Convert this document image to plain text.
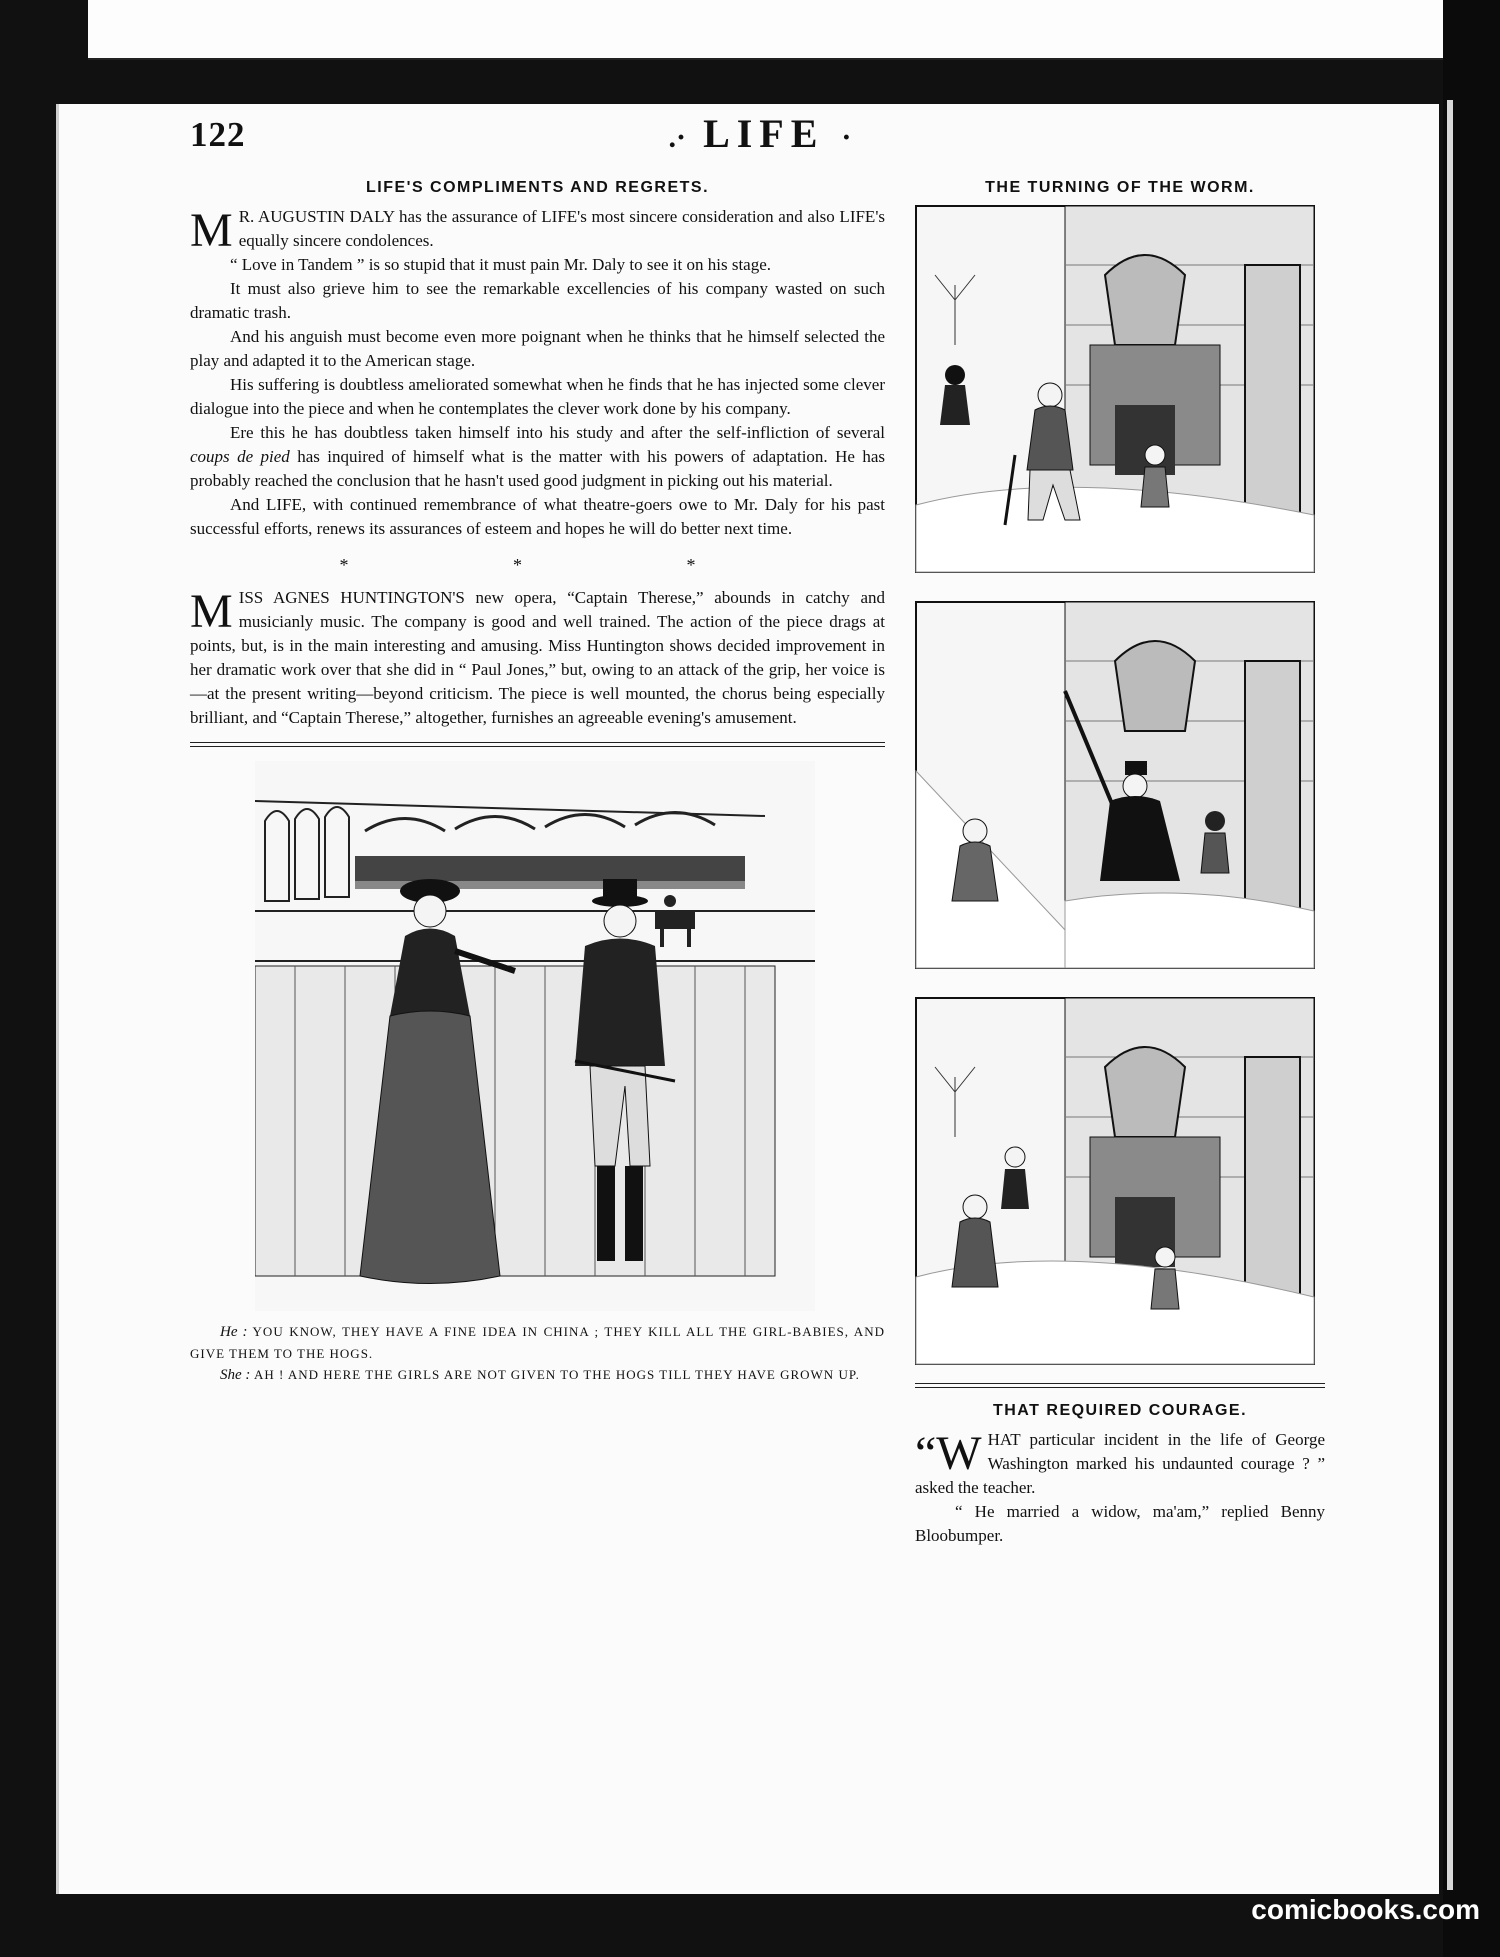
122	.· LIFE ·
LIFE'S COMPLIMENTS AND REGRETS.

M R. AUGUSTIN DALY has the assurance of LIFE's most sincere consideration and also LIFE's equally sincere condolences.

“ Love in Tandem ” is so stupid that it must pain Mr. Daly to see it on his stage.

It must also grieve him to see the remarkable excellencies of his company wasted on such dramatic trash.

And his anguish must become even more poignant when he thinks that he himself selected the play and adapted it to the American stage.

His suffering is doubtless ameliorated somewhat when he finds that he has injected some clever dialogue into the piece and when he contemplates the clever work done by his company.

Ere this he has doubtless taken himself into his study and after the self-infliction of several coups de pied has inquired of himself what is the matter with his powers of adaptation. He has probably reached the conclusion that he hasn't used good judgment in picking out his material.

And LIFE, with continued remembrance of what theatre-goers owe to Mr. Daly for his past successful efforts, renews its assurances of esteem and hopes he will do better next time.

* * *

MISS AGNES HUNTINGTON'S new opera, “Captain Therese,” abounds in catchy and musicianly music. The company is good and well trained. The action of the piece drags at points, but, is in the main interesting and amusing. Miss Huntington shows decided improvement in her dramatic work over that she did in “ Paul Jones,” but, owing to an attack of the grip, her voice is—at the present writing—beyond criticism. The piece is well mounted, the chorus being especially brilliant, and “Captain Therese,” altogether, furnishes an agreeable evening's amusement.

He : YOU KNOW, THEY HAVE A FINE IDEA IN CHINA ; THEY KILL ALL THE GIRL-BABIES, AND GIVE THEM TO THE HOGS.

She : AH ! AND HERE THE GIRLS ARE NOT GIVEN TO THE HOGS TILL THEY HAVE GROWN UP.

THE TURNING OF THE WORM.
THAT REQUIRED COURAGE.

“WHAT particular incident in the life of George Washington marked his undaunted courage ? ” asked the teacher.

“ He married a widow, ma'am,” replied Benny Bloobumper.

comicbooks.com
